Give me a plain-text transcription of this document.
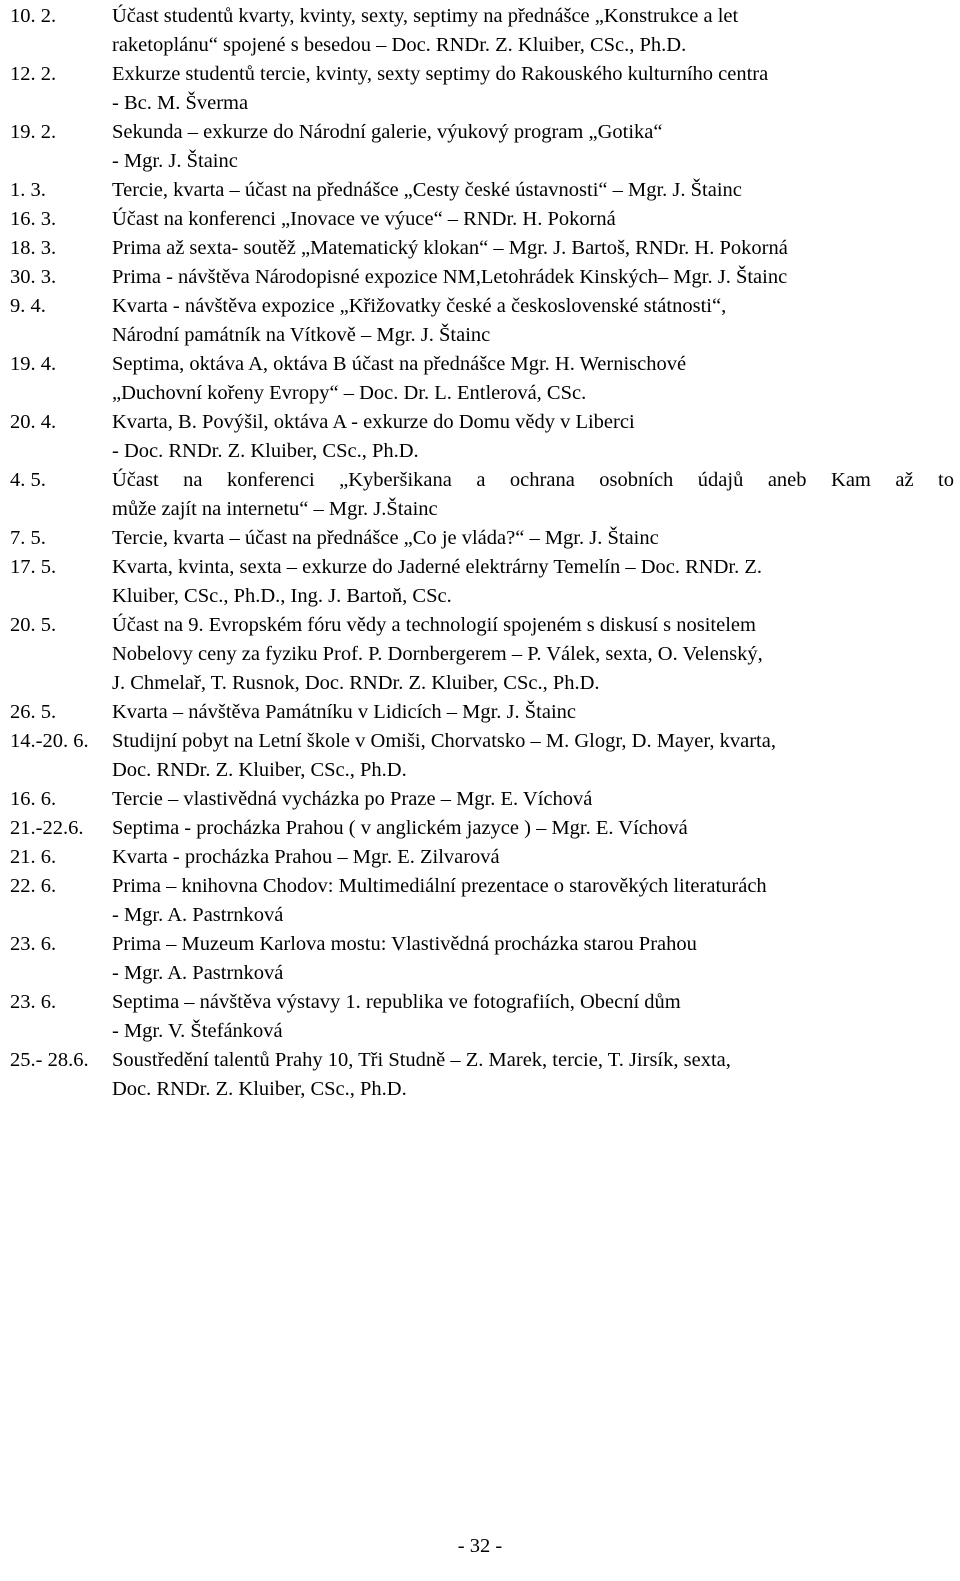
10. 2.	Účast studentů kvarty, kvinty, sexty, septimy na přednášce „Konstrukce a let
raketoplánu“ spojené s besedou – Doc. RNDr. Z. Kluiber, CSc., Ph.D.
12. 2.	Exkurze studentů tercie, kvinty, sexty septimy do Rakouského kulturního centra
- Bc. M. Šverma
19. 2.	Sekunda – exkurze do Národní galerie, výukový program „Gotika“
- Mgr. J. Štainc
1. 3.	Tercie, kvarta – účast na přednášce „Cesty české ústavnosti“ – Mgr. J. Štainc
16. 3.	Účast na konferenci „Inovace ve výuce“ – RNDr. H. Pokorná
18. 3.	Prima až sexta- soutěž „Matematický klokan“ – Mgr. J. Bartoš, RNDr. H. Pokorná
30. 3.	Prima - návštěva Národopisné expozice NM,Letohrádek Kinských– Mgr. J. Štainc
9. 4.	Kvarta - návštěva expozice „Křižovatky české a československé státnosti“,
Národní památník na Vítkově – Mgr. J. Štainc
19. 4.	Septima, oktáva A, oktáva B účast na přednášce Mgr. H. Wernischové
„Duchovní kořeny Evropy“ – Doc. Dr. L. Entlerová, CSc.
20. 4.	Kvarta, B. Povýšil, oktáva A - exkurze do Domu vědy v Liberci
- Doc. RNDr. Z. Kluiber, CSc., Ph.D.
4. 5.	Účast na konferenci „Kyberšikana a ochrana osobních údajů aneb Kam až to
může zajít na internetu“ – Mgr. J.Štainc
7. 5.	Tercie, kvarta – účast na přednášce „Co je vláda?“ – Mgr. J. Štainc
17. 5.	Kvarta, kvinta, sexta – exkurze do Jaderné elektrárny Temelín – Doc. RNDr. Z.
Kluiber, CSc., Ph.D., Ing. J. Bartoň, CSc.
20. 5.	Účast na 9. Evropském fóru vědy a technologií spojeném s diskusí s nositelem
Nobelovy ceny za fyziku Prof. P. Dornbergerem – P. Válek, sexta, O. Velenský,
J. Chmelař, T. Rusnok, Doc. RNDr. Z. Kluiber, CSc., Ph.D.
26. 5.	Kvarta – návštěva Památníku v Lidicích – Mgr. J. Štainc
14.-20. 6.	Studijní pobyt na Letní škole v Omiši, Chorvatsko – M. Glogr, D. Mayer, kvarta,
Doc. RNDr. Z. Kluiber, CSc., Ph.D.
16. 6.	Tercie – vlastivědná vycházka po Praze – Mgr. E. Víchová
21.-22.6.	Septima - procházka Prahou ( v anglickém jazyce ) – Mgr. E. Víchová
21. 6.	Kvarta - procházka Prahou – Mgr. E. Zilvarová
22. 6.	Prima – knihovna Chodov: Multimediální prezentace o starověkých literaturách
- Mgr. A. Pastrnková
23. 6.	Prima – Muzeum Karlova mostu: Vlastivědná procházka starou Prahou
- Mgr. A. Pastrnková
23. 6.	Septima – návštěva výstavy 1. republika ve fotografiích, Obecní dům
- Mgr. V. Štefánková
25.- 28.6.	Soustředění talentů Prahy 10, Tři Studně – Z. Marek, tercie, T. Jirsík, sexta,
Doc. RNDr. Z. Kluiber, CSc., Ph.D.
- 32 -
